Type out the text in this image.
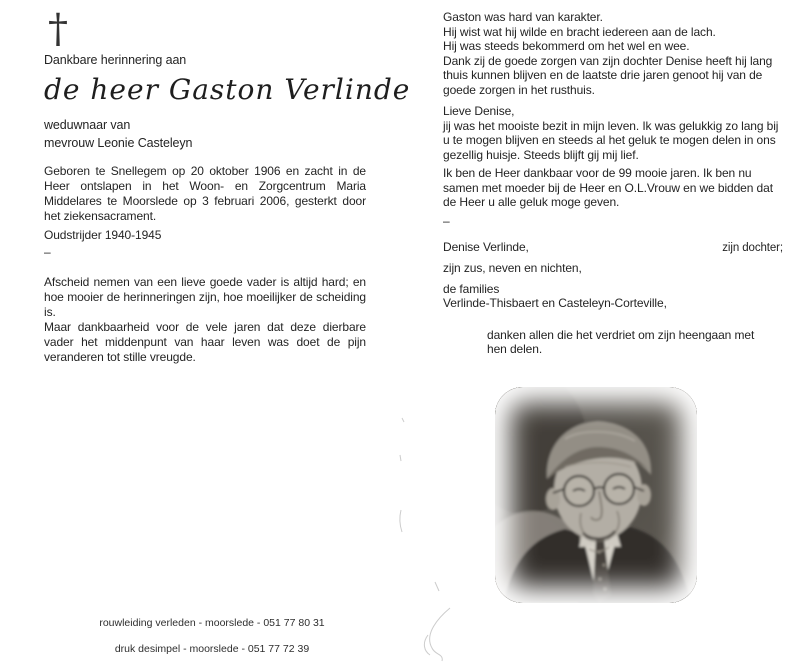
†
Dankbare herinnering aan
de heer Gaston Verlinde
weduwnaar van
mevrouw Leonie Casteleyn
Geboren te Snellegem op 20 oktober 1906 en zacht in de Heer ontslapen in het Woon- en Zorgcentrum Maria Middelares te Moorslede op 3 februari 2006, gesterkt door het ziekensacrament.
Oudstrijder 1940-1945
–
Afscheid nemen van een lieve goede vader is altijd hard; en hoe mooier de herinneringen zijn, hoe moeilijker de scheiding is.
Maar dankbaarheid voor de vele jaren dat deze dierbare vader het middenpunt van haar leven was doet de pijn veranderen tot stille vreugde.
rouwleiding verleden - moorslede - 051 77 80 31
druk desimpel - moorslede - 051 77 72 39
Gaston was hard van karakter.
Hij wist wat hij wilde en bracht iedereen aan de lach.
Hij was steeds bekommerd om het wel en wee.
Dank zij de goede zorgen van zijn dochter Denise heeft hij lang thuis kunnen blijven en de laatste drie jaren genoot hij van de goede zorgen in het rusthuis.
Lieve Denise,
jij was het mooiste bezit in mijn leven. Ik was gelukkig zo lang bij u te mogen blijven en steeds al het geluk te mogen delen in ons gezellig huisje. Steeds blijft gij mij lief.
Ik ben de Heer dankbaar voor de 99 mooie jaren. Ik ben nu samen met moeder bij de Heer en O.L.Vrouw en we bidden dat de Heer u alle geluk moge geven.
–
Denise Verlinde,	zijn dochter;
zijn zus, neven en nichten,
de families
Verlinde-Thisbaert en Casteleyn-Corteville,
danken allen die het verdriet om zijn heengaan met hen delen.
